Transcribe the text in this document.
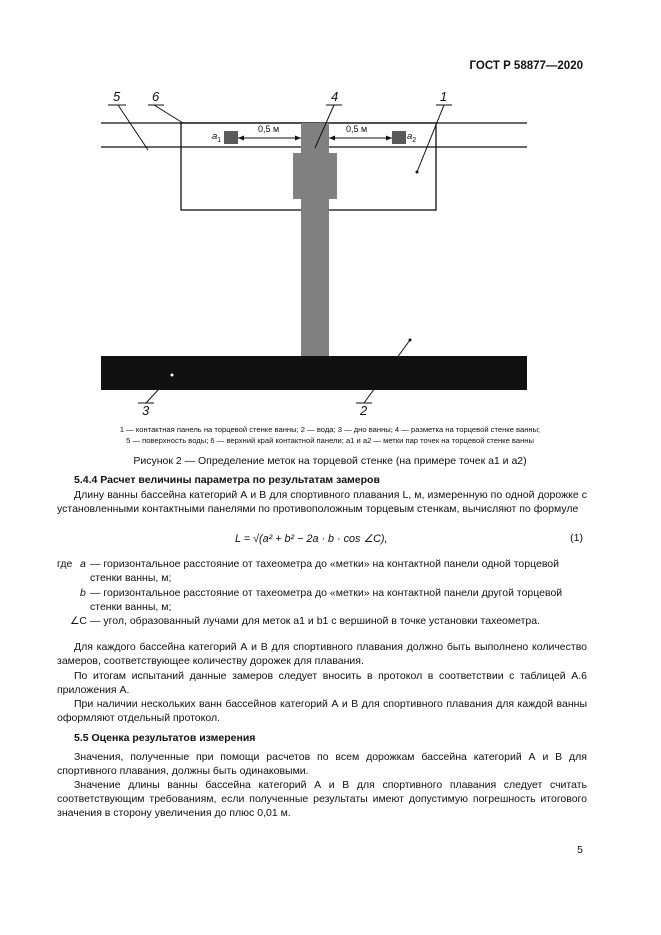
ГОСТ Р 58877—2020
5 6	4	1
3	2
0,5 м	0,5 м
$a_1$	$a_2$
1 — контактная панель на торцевой стенке ванны; 2 — вода; 3 — дно ванны; 4 — разметка на торцевой стенке ванны;
5 — поверхность воды; 6 — верхний край контактной панели; a1 и a2 — метки пар точек на торцевой стенке ванны
Рисунок 2 — Определение меток на торцевой стенке (на примере точек a1 и a2)
5.4.4 Расчет величины параметра по результатам замеров
Длину ванны бассейна категорий А и В для спортивного плавания L, м, измеренную по одной дорожке с установленными контактными панелями по противоположным торцевым стенкам, вычисляют по формуле
L = √(a² + b² − 2a · b · cos ∠C),	(1)
где a — горизонтальное расстояние от тахеометра до «метки» на контактной панели одной торцевой стенки ванны, м;
b — горизонтальное расстояние от тахеометра до «метки» на контактной панели другой торцевой стенки ванны, м;
∠C — угол, образованный лучами для меток a1 и b1 с вершиной в точке установки тахеометра.
Для каждого бассейна категорий А и В для спортивного плавания должно быть выполнено количество замеров, соответствующее количеству дорожек для плавания.
По итогам испытаний данные замеров следует вносить в протокол в соответствии с таблицей А.6 приложения А.
При наличии нескольких ванн бассейнов категорий А и В для спортивного плавания для каждой ванны оформляют отдельный протокол.
5.5 Оценка результатов измерения
Значения, полученные при помощи расчетов по всем дорожкам бассейна категорий А и В для спортивного плавания, должны быть одинаковыми.
Значение длины ванны бассейна категорий А и В для спортивного плавания следует считать соответствующим требованиям, если полученные результаты имеют допустимую погрешность итогового значения в сторону увеличения до плюс 0,01 м.
5
